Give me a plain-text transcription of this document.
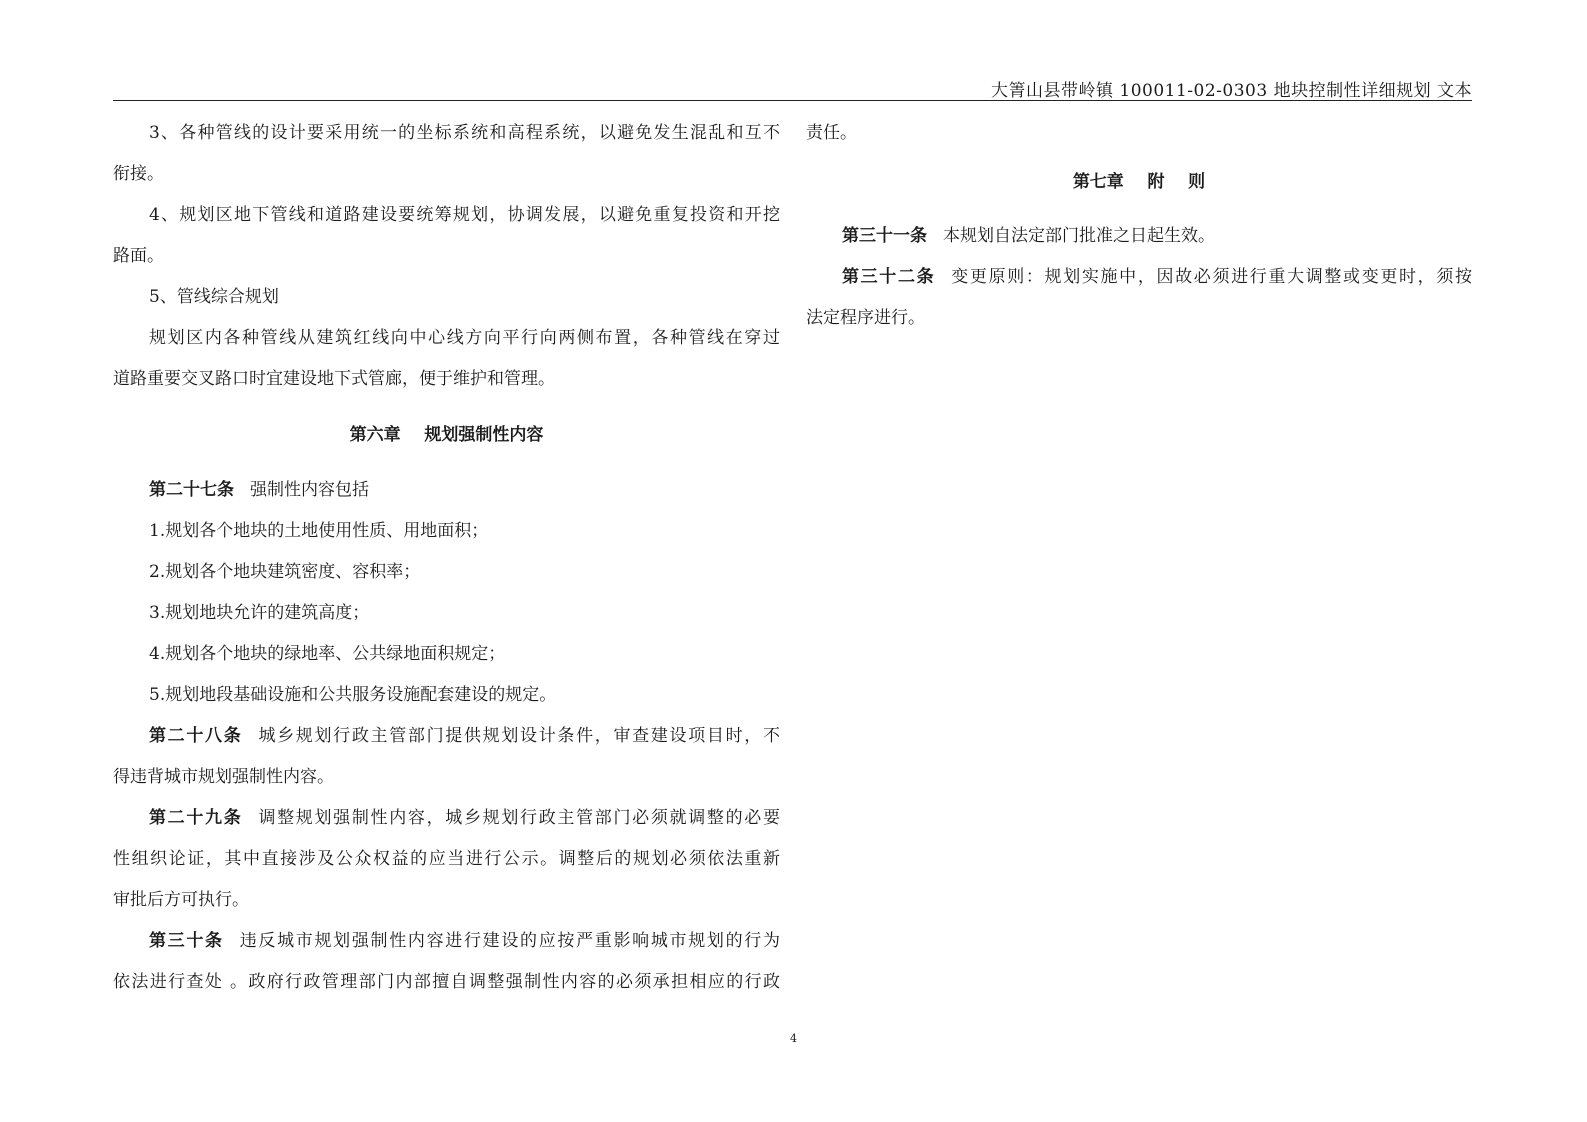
大箐山县带岭镇 100011-02-0303 地块控制性详细规划 文本
3、各种管线的设计要采用统一的坐标系统和高程系统，以避免发生混乱和互不
衔接。
4、规划区地下管线和道路建设要统筹规划，协调发展，以避免重复投资和开挖
路面。
5、管线综合规划
规划区内各种管线从建筑红线向中心线方向平行向两侧布置，各种管线在穿过
道路重要交叉路口时宜建设地下式管廊，便于维护和管理。
第六章    规划强制性内容
第二十七条 强制性内容包括
1.规划各个地块的土地使用性质、用地面积；
2.规划各个地块建筑密度、容积率；
3.规划地块允许的建筑高度；
4.规划各个地块的绿地率、公共绿地面积规定；
5.规划地段基础设施和公共服务设施配套建设的规定。
第二十八条 城乡规划行政主管部门提供规划设计条件，审查建设项目时，不
得违背城市规划强制性内容。
第二十九条 调整规划强制性内容，城乡规划行政主管部门必须就调整的必要
性组织论证，其中直接涉及公众权益的应当进行公示。调整后的规划必须依法重新
审批后方可执行。
第三十条 违反城市规划强制性内容进行建设的应按严重影响城市规划的行为
依法进行查处 。政府行政管理部门内部擅自调整强制性内容的必须承担相应的行政
责任。
第七章    附    则
第三十一条 本规划自法定部门批准之日起生效。
第三十二条 变更原则：规划实施中，因故必须进行重大调整或变更时，须按
法定程序进行。
4
